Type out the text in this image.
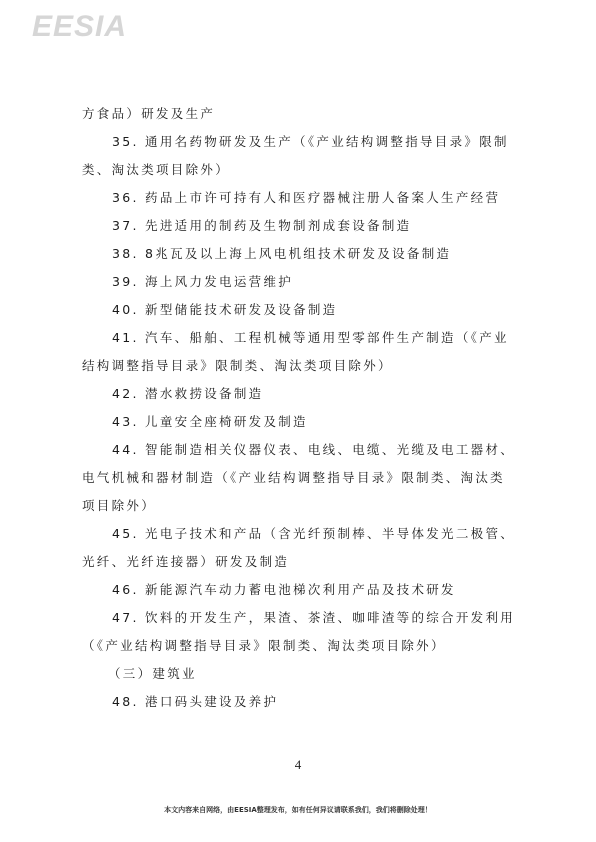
EESIA
方食品）研发及生产
35. 通用名药物研发及生产（《产业结构调整指导目录》限制
类、淘汰类项目除外）
36. 药品上市许可持有人和医疗器械注册人备案人生产经营
37. 先进适用的制药及生物制剂成套设备制造
38. 8兆瓦及以上海上风电机组技术研发及设备制造
39. 海上风力发电运营维护
40. 新型储能技术研发及设备制造
41. 汽车、船舶、工程机械等通用型零部件生产制造（《产业
结构调整指导目录》限制类、淘汰类项目除外）
42. 潜水救捞设备制造
43. 儿童安全座椅研发及制造
44. 智能制造相关仪器仪表、电线、电缆、光缆及电工器材、
电气机械和器材制造（《产业结构调整指导目录》限制类、淘汰类
项目除外）
45. 光电子技术和产品（含光纤预制棒、半导体发光二极管、
光纤、光纤连接器）研发及制造
46. 新能源汽车动力蓄电池梯次利用产品及技术研发
47. 饮料的开发生产，果渣、茶渣、咖啡渣等的综合开发利用
（《产业结构调整指导目录》限制类、淘汰类项目除外）
（三）建筑业
48. 港口码头建设及养护
4
本文内容来自网络，由EESIA整理发布，如有任何异议请联系我们，我们将删除处理！
